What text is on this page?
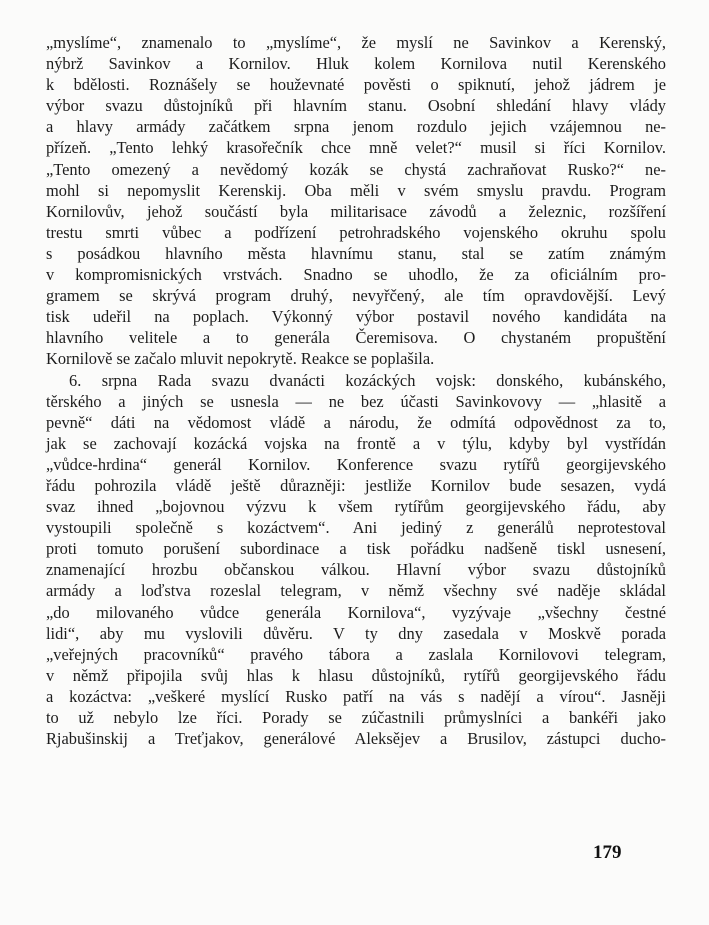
„myslíme“, znamenalo to „myslíme“, že myslí ne Savinkov a Kerenský,
nýbrž Savinkov a Kornilov. Hluk kolem Kornilova nutil Kerenského
k bdělosti. Roznášely se houževnaté pověsti o spiknutí, jehož jádrem je
výbor svazu důstojníků při hlavním stanu. Osobní shledání hlavy vlády
a hlavy armády začátkem srpna jenom rozdulo jejich vzájemnou ne-
přízeň. „Tento lehký krasořečník chce mně velet?“ musil si říci Kornilov.
„Tento omezený a nevědomý kozák se chystá zachraňovat Rusko?“ ne-
mohl si nepomyslit Kerenskij. Oba měli v svém smyslu pravdu. Program
Kornilovův, jehož součástí byla militarisace závodů a železnic, rozšíření
trestu smrti vůbec a podřízení petrohradského vojenského okruhu spolu
s posádkou hlavního města hlavnímu stanu, stal se zatím známým
v kompromisnických vrstvách. Snadno se uhodlo, že za oficiálním pro-
gramem se skrývá program druhý, nevyřčený, ale tím opravdovější. Levý
tisk udeřil na poplach. Výkonný výbor postavil nového kandidáta na
hlavního velitele a to generála Čeremisova. O chystaném propuštění
Kornilově se začalo mluvit nepokrytě. Reakce se poplašila.
6. srpna Rada svazu dvanácti kozáckých vojsk: donského, kubánského,
těrského a jiných se usnesla — ne bez účasti Savinkovovy — „hlasitě a
pevně“ dáti na vědomost vládě a národu, že odmítá odpovědnost za to,
jak se zachovají kozácká vojska na frontě a v týlu, kdyby byl vystřídán
„vůdce-hrdina“ generál Kornilov. Konference svazu rytířů georgijevského
řádu pohrozila vládě ještě důrazněji: jestliže Kornilov bude sesazen, vydá
svaz ihned „bojovnou výzvu k všem rytířům georgijevského řádu, aby
vystoupili společně s kozáctvem“. Ani jediný z generálů neprotestoval
proti tomuto porušení subordinace a tisk pořádku nadšeně tiskl usnesení,
znamenající hrozbu občanskou válkou. Hlavní výbor svazu důstojníků
armády a loďstva rozeslal telegram, v němž všechny své naděje skládal
„do milovaného vůdce generála Kornilova“, vyzývaje „všechny čestné
lidi“, aby mu vyslovili důvěru. V ty dny zasedala v Moskvě porada
„veřejných pracovníků“ pravého tábora a zaslala Kornilovovi telegram,
v němž připojila svůj hlas k hlasu důstojníků, rytířů georgijevského řádu
a kozáctva: „veškeré myslící Rusko patří na vás s nadějí a vírou“. Jasněji
to už nebylo lze říci. Porady se zúčastnili průmyslníci a bankéři jako
Rjabušinskij a Treťjakov, generálové Aleksějev a Brusilov, zástupci ducho-
179
